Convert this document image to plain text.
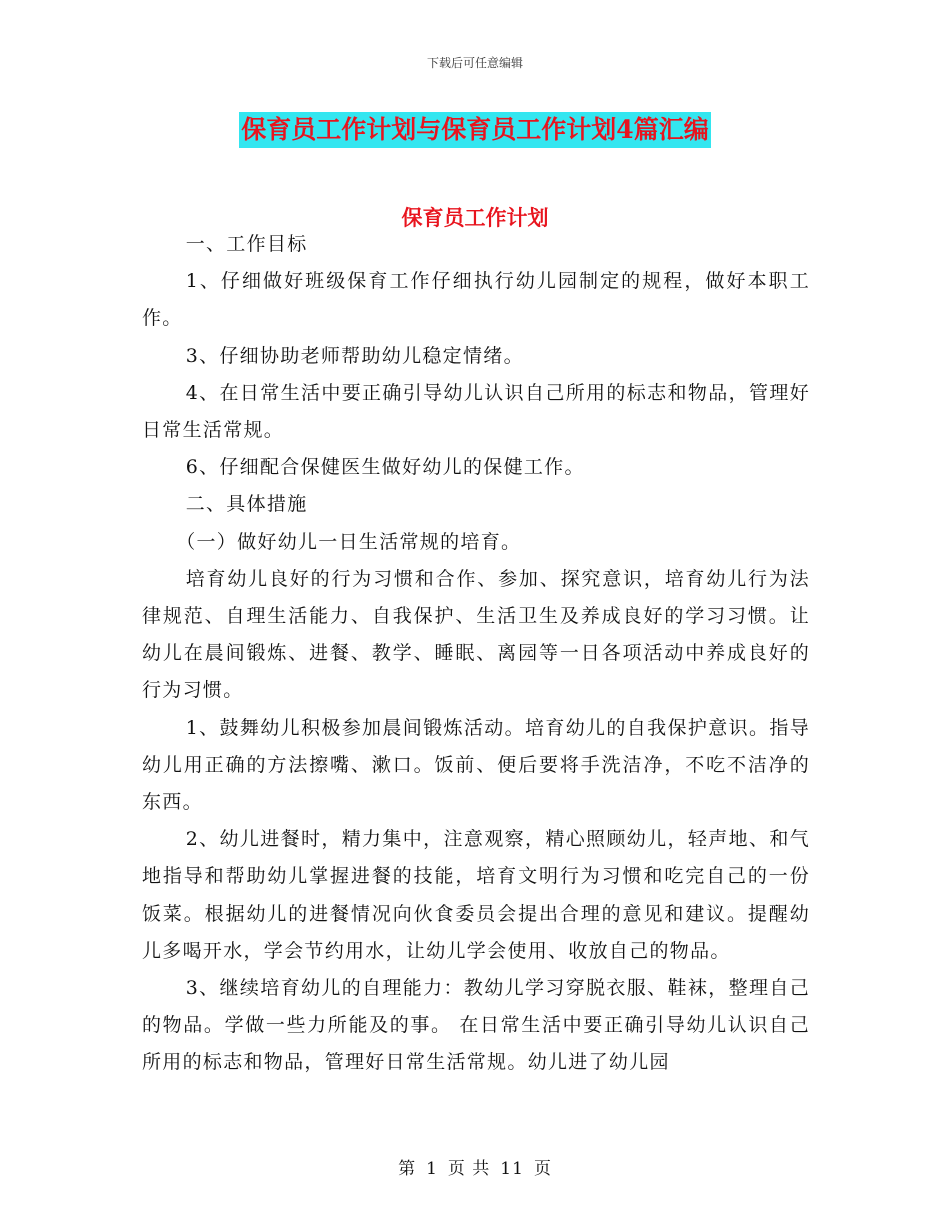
下载后可任意编辑
保育员工作计划与保育员工作计划4篇汇编
保育员工作计划

一、工作目标

1、仔细做好班级保育工作仔细执行幼儿园制定的规程，做好本职工作。

3、仔细协助老师帮助幼儿稳定情绪。

4、在日常生活中要正确引导幼儿认识自己所用的标志和物品，管理好日常生活常规。

6、仔细配合保健医生做好幼儿的保健工作。

二、具体措施

（一）做好幼儿一日生活常规的培育。

培育幼儿良好的行为习惯和合作、参加、探究意识，培育幼儿行为法律规范、自理生活能力、自我保护、生活卫生及养成良好的学习习惯。让幼儿在晨间锻炼、进餐、教学、睡眠、离园等一日各项活动中养成良好的行为习惯。

1、鼓舞幼儿积极参加晨间锻炼活动。培育幼儿的自我保护意识。指导幼儿用正确的方法擦嘴、漱口。饭前、便后要将手洗洁净，不吃不洁净的东西。

2、幼儿进餐时，精力集中，注意观察，精心照顾幼儿，轻声地、和气地指导和帮助幼儿掌握进餐的技能，培育文明行为习惯和吃完自己的一份饭菜。根据幼儿的进餐情况向伙食委员会提出合理的意见和建议。提醒幼儿多喝开水，学会节约用水，让幼儿学会使用、收放自己的物品。

3、继续培育幼儿的自理能力：教幼儿学习穿脱衣服、鞋袜，整理自己的物品。学做一些力所能及的事。 在日常生活中要正确引导幼儿认识自己所用的标志和物品，管理好日常生活常规。幼儿进了幼儿园

第 1 页 共 11 页
